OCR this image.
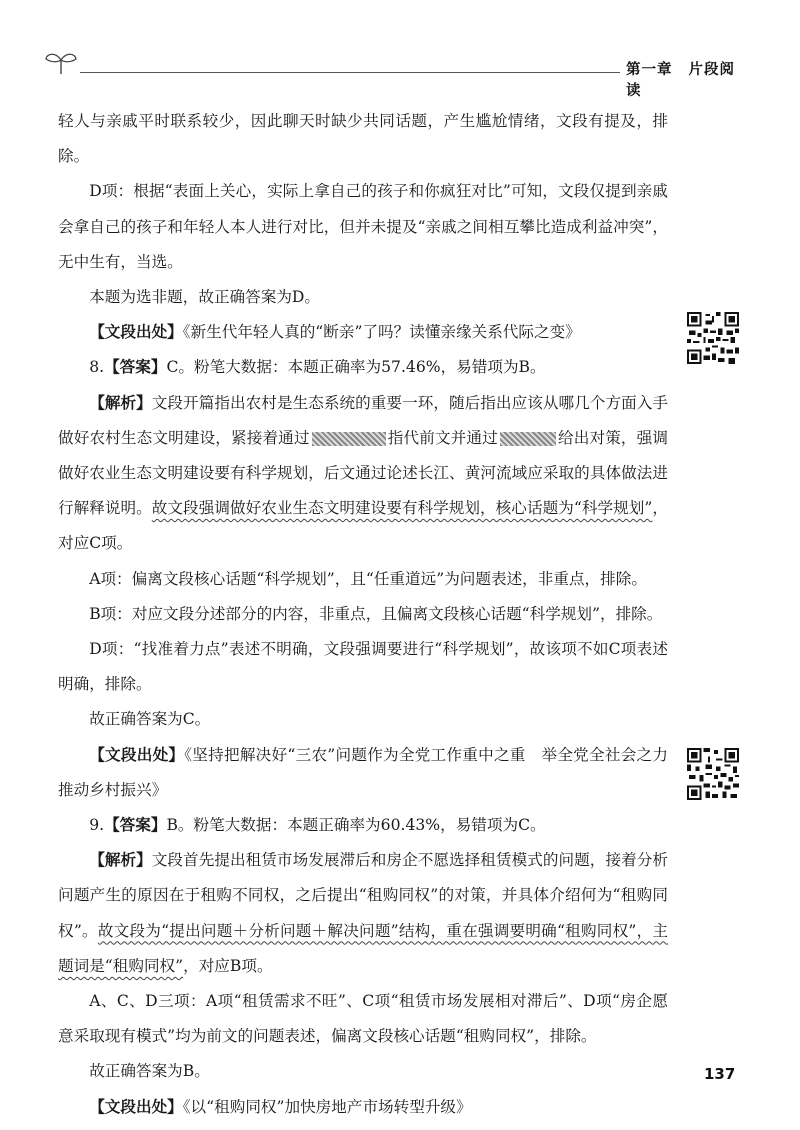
第一章 片段阅读

轻人与亲戚平时联系较少，因此聊天时缺少共同话题，产生尴尬情绪，文段有提及，排除。

D项：根据“表面上关心，实际上拿自己的孩子和你疯狂对比”可知，文段仅提到亲戚会拿自己的孩子和年轻人本人进行对比，但并未提及“亲戚之间相互攀比造成利益冲突”，无中生有，当选。

本题为选非题，故正确答案为D。

【文段出处】《新生代年轻人真的“断亲”了吗？读懂亲缘关系代际之变》

8.【答案】C。粉笔大数据：本题正确率为57.46%，易错项为B。

【解析】文段开篇指出农村是生态系统的重要一环，随后指出应该从哪几个方面入手做好农村生态文明建设，紧接着通过	指代前文并通过	给出对策，强调做好农业生态文明建设要有科学规划，后文通过论述长江、黄河流域应采取的具体做法进行解释说明。故文段强调做好农业生态文明建设要有科学规划，核心话题为“科学规划”，对应C项。

A项：偏离文段核心话题“科学规划”，且“任重道远”为问题表述，非重点，排除。

B项：对应文段分述部分的内容，非重点，且偏离文段核心话题“科学规划”，排除。

D项：“找准着力点”表述不明确，文段强调要进行“科学规划”，故该项不如C项表述明确，排除。

故正确答案为C。

【文段出处】《坚持把解决好“三农”问题作为全党工作重中之重　举全党全社会之力推动乡村振兴》

9.【答案】B。粉笔大数据：本题正确率为60.43%，易错项为C。

【解析】文段首先提出租赁市场发展滞后和房企不愿选择租赁模式的问题，接着分析问题产生的原因在于租购不同权，之后提出“租购同权”的对策，并具体介绍何为“租购同权”。故文段为“提出问题＋分析问题＋解决问题”结构，重在强调要明确“租购同权”，主题词是“租购同权”，对应B项。

A、C、D三项：A项“租赁需求不旺”、C项“租赁市场发展相对滞后”、D项“房企愿意采取现有模式”均为前文的问题表述，偏离文段核心话题“租购同权”，排除。

故正确答案为B。

【文段出处】《以“租购同权”加快房地产市场转型升级》

137
